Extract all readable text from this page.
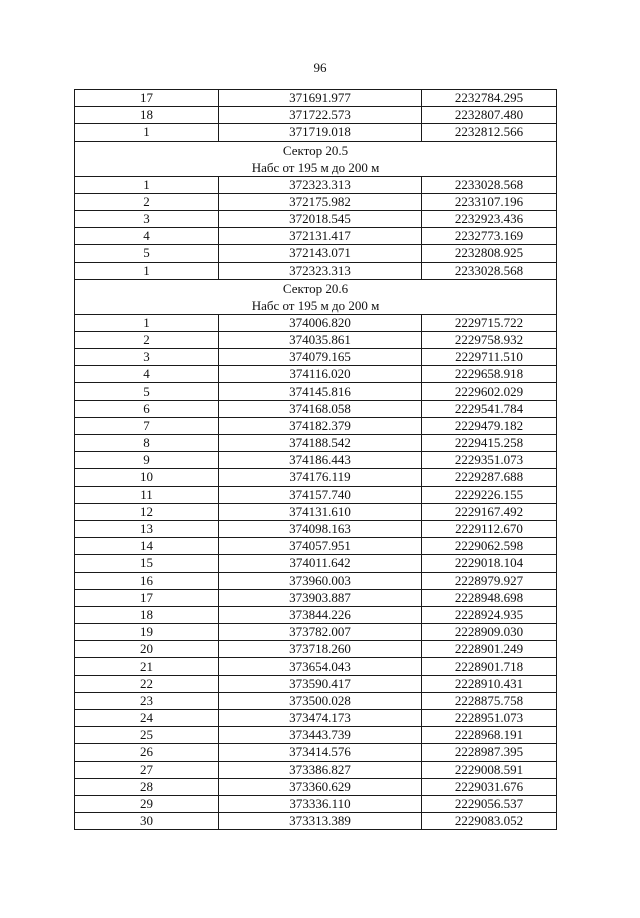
96
17	371691.977	2232784.295
18	371722.573	2232807.480
1	371719.018	2232812.566

Сектор 20.5
Набс от 195 м до 200 м		

1	372323.313	2233028.568
2	372175.982	2233107.196
3	372018.545	2232923.436
4	372131.417	2232773.169
5	372143.071	2232808.925
1	372323.313	2233028.568

Сектор 20.6
Набс от 195 м до 200 м		

1	374006.820	2229715.722
2	374035.861	2229758.932
3	374079.165	2229711.510
4	374116.020	2229658.918
5	374145.816	2229602.029
6	374168.058	2229541.784
7	374182.379	2229479.182
8	374188.542	2229415.258
9	374186.443	2229351.073
10	374176.119	2229287.688
11	374157.740	2229226.155
12	374131.610	2229167.492
13	374098.163	2229112.670
14	374057.951	2229062.598
15	374011.642	2229018.104
16	373960.003	2228979.927
17	373903.887	2228948.698
18	373844.226	2228924.935
19	373782.007	2228909.030
20	373718.260	2228901.249
21	373654.043	2228901.718
22	373590.417	2228910.431
23	373500.028	2228875.758
24	373474.173	2228951.073
25	373443.739	2228968.191
26	373414.576	2228987.395
27	373386.827	2229008.591
28	373360.629	2229031.676
29	373336.110	2229056.537
30	373313.389	2229083.052
